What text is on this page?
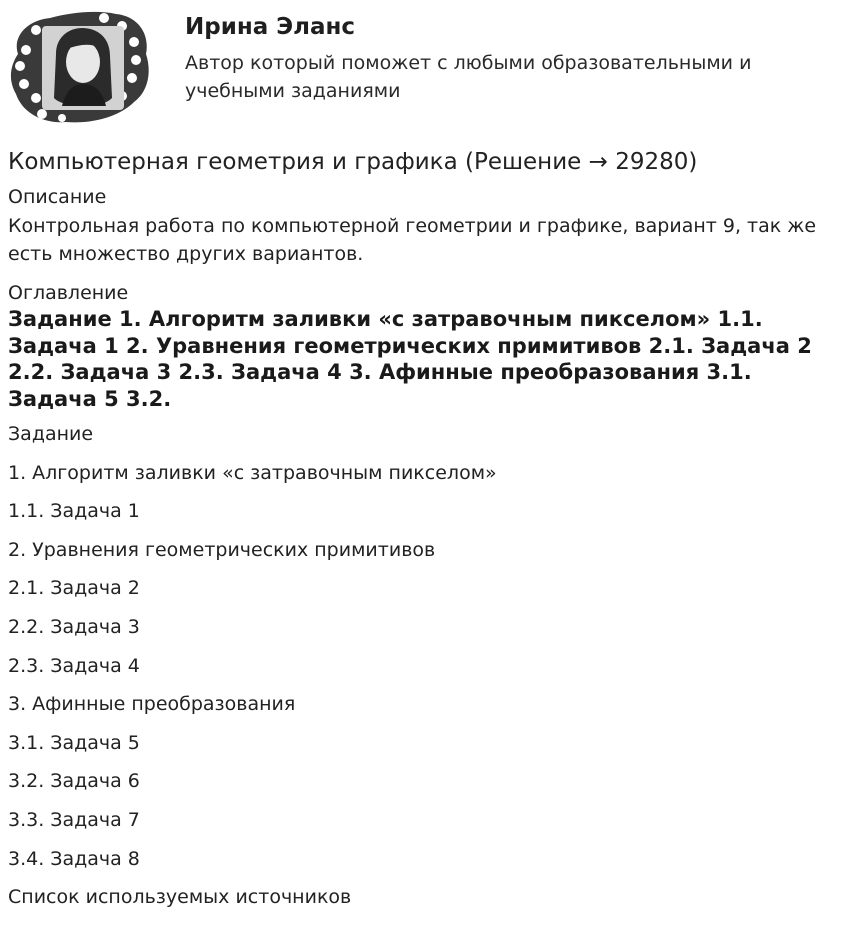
Ирина Эланс

Автор который поможет с любыми образовательными и учебными заданиями

Компьютерная геометрия и графика (Решение → 29280)
Описание

Контрольная работа по компьютерной геометрии и графике, вариант 9, так же есть множество других вариантов.

Оглавление
Задание 1. Алгоритм заливки «с затравочным пикселом» 1.1. Задача 1 2. Уравнения геометрических примитивов 2.1. Задача 2 2.2. Задача 3 2.3. Задача 4 3. Афинные преобразования 3.1. Задача 5 3.2.
Задание
1. Алгоритм заливки «с затравочным пикселом»
1.1. Задача 1
2. Уравнения геометрических примитивов
2.1. Задача 2
2.2. Задача 3
2.3. Задача 4
3. Афинные преобразования
3.1. Задача 5
3.2. Задача 6
3.3. Задача 7
3.4. Задача 8
Список используемых источников
